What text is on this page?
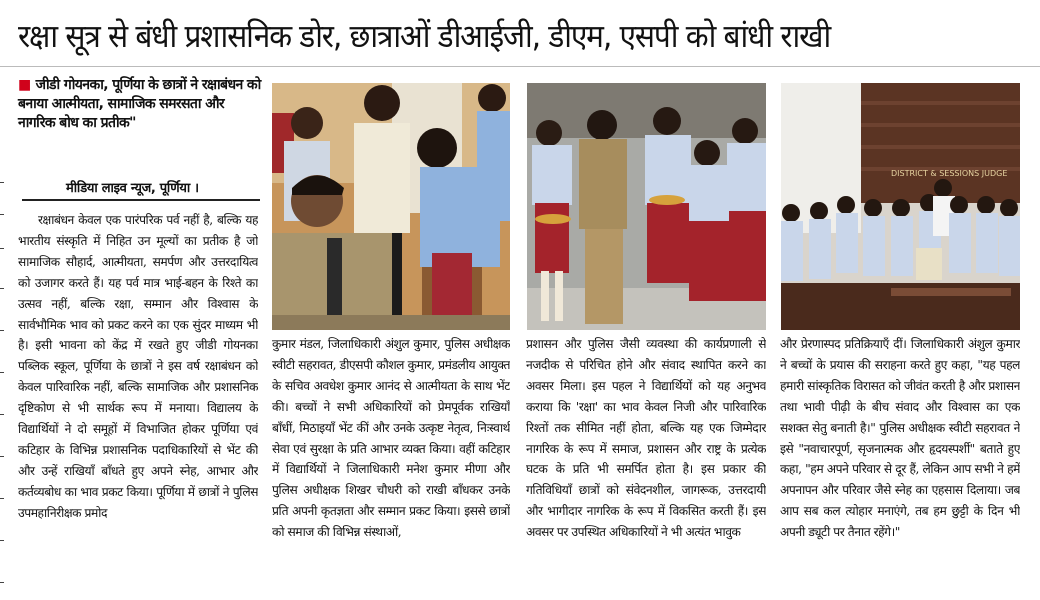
रक्षा सूत्र से बंधी प्रशासनिक डोर, छात्राओं डीआईजी, डीएम, एसपी को बांधी राखी
■ जीडी गोयनका, पूर्णिया के छात्रों ने रक्षाबंधन को बनाया आत्मीयता, सामाजिक समरसता और नागरिक बोध का प्रतीक"
मीडिया लाइव न्यूज, पूर्णिया ।
रक्षाबंधन केवल एक पारंपरिक पर्व नहीं है, बल्कि यह भारतीय संस्कृति में निहित उन मूल्यों का प्रतीक है जो सामाजिक सौहार्द, आत्मीयता, समर्पण और उत्तरदायित्व को उजागर करते हैं। यह पर्व मात्र भाई-बहन के रिश्ते का उत्सव नहीं, बल्कि रक्षा, सम्मान और विश्वास के सार्वभौमिक भाव को प्रकट करने का एक सुंदर माध्यम भी है। इसी भावना को केंद्र में रखते हुए जीडी गोयनका पब्लिक स्कूल, पूर्णिया के छात्रों ने इस वर्ष रक्षाबंधन को केवल पारिवारिक नहीं, बल्कि सामाजिक और प्रशासनिक दृष्टिकोण से भी सार्थक रूप में मनाया। विद्यालय के विद्यार्थियों ने दो समूहों में विभाजित होकर पूर्णिया एवं कटिहार के विभिन्न प्रशासनिक पदाधिकारियों से भेंट की और उन्हें राखियाँ बाँधते हुए अपने स्नेह, आभार और कर्तव्यबोध का भाव प्रकट किया। पूर्णिया में छात्रों ने पुलिस उपमहानिरीक्षक प्रमोद
कुमार मंडल, जिलाधिकारी अंशुल कुमार, पुलिस अधीक्षक स्वीटी सहरावत, डीएसपी कौशल कुमार, प्रमंडलीय आयुक्त के सचिव अवधेश कुमार आनंद से आत्मीयता के साथ भेंट की। बच्चों ने सभी अधिकारियों को प्रेमपूर्वक राखियाँ बाँधीं, मिठाइयाँ भेंट कीं और उनके उत्कृष्ट नेतृत्व, निःस्वार्थ सेवा एवं सुरक्षा के प्रति आभार व्यक्त किया। वहीं कटिहार में विद्यार्थियों ने जिलाधिकारी मनेश कुमार मीणा और पुलिस अधीक्षक शिखर चौधरी को राखी बाँधकर उनके प्रति अपनी कृतज्ञता और सम्मान प्रकट किया। इससे छात्रों को समाज की विभिन्न संस्थाओं,
प्रशासन और पुलिस जैसी व्यवस्था की कार्यप्रणाली से नजदीक से परिचित होने और संवाद स्थापित करने का अवसर मिला। इस पहल ने विद्यार्थियों को यह अनुभव कराया कि 'रक्षा' का भाव केवल निजी और पारिवारिक रिश्तों तक सीमित नहीं होता, बल्कि यह एक जिम्मेदार नागरिक के रूप में समाज, प्रशासन और राष्ट्र के प्रत्येक घटक के प्रति भी समर्पित होता है। इस प्रकार की गतिविधियाँ छात्रों को संवेदनशील, जागरूक, उत्तरदायी और भागीदार नागरिक के रूप में विकसित करती हैं। इस अवसर पर उपस्थित अधिकारियों ने भी अत्यंत भावुक
और प्रेरणास्पद प्रतिक्रियाएँ दीं। जिलाधिकारी अंशुल कुमार ने बच्चों के प्रयास की सराहना करते हुए कहा, "यह पहल हमारी सांस्कृतिक विरासत को जीवंत करती है और प्रशासन तथा भावी पीढ़ी के बीच संवाद और विश्वास का एक सशक्त सेतु बनाती है।" पुलिस अधीक्षक स्वीटी सहरावत ने इसे "नवाचारपूर्ण, सृजनात्मक और हृदयस्पर्शी" बताते हुए कहा, "हम अपने परिवार से दूर हैं, लेकिन आप सभी ने हमें अपनापन और परिवार जैसे स्नेह का एहसास दिलाया। जब आप सब कल त्योहार मनाएंगे, तब हम छुट्टी के दिन भी अपनी ड्यूटी पर तैनात रहेंगे।"
DISTRICT & SESSIONS JUDGE
